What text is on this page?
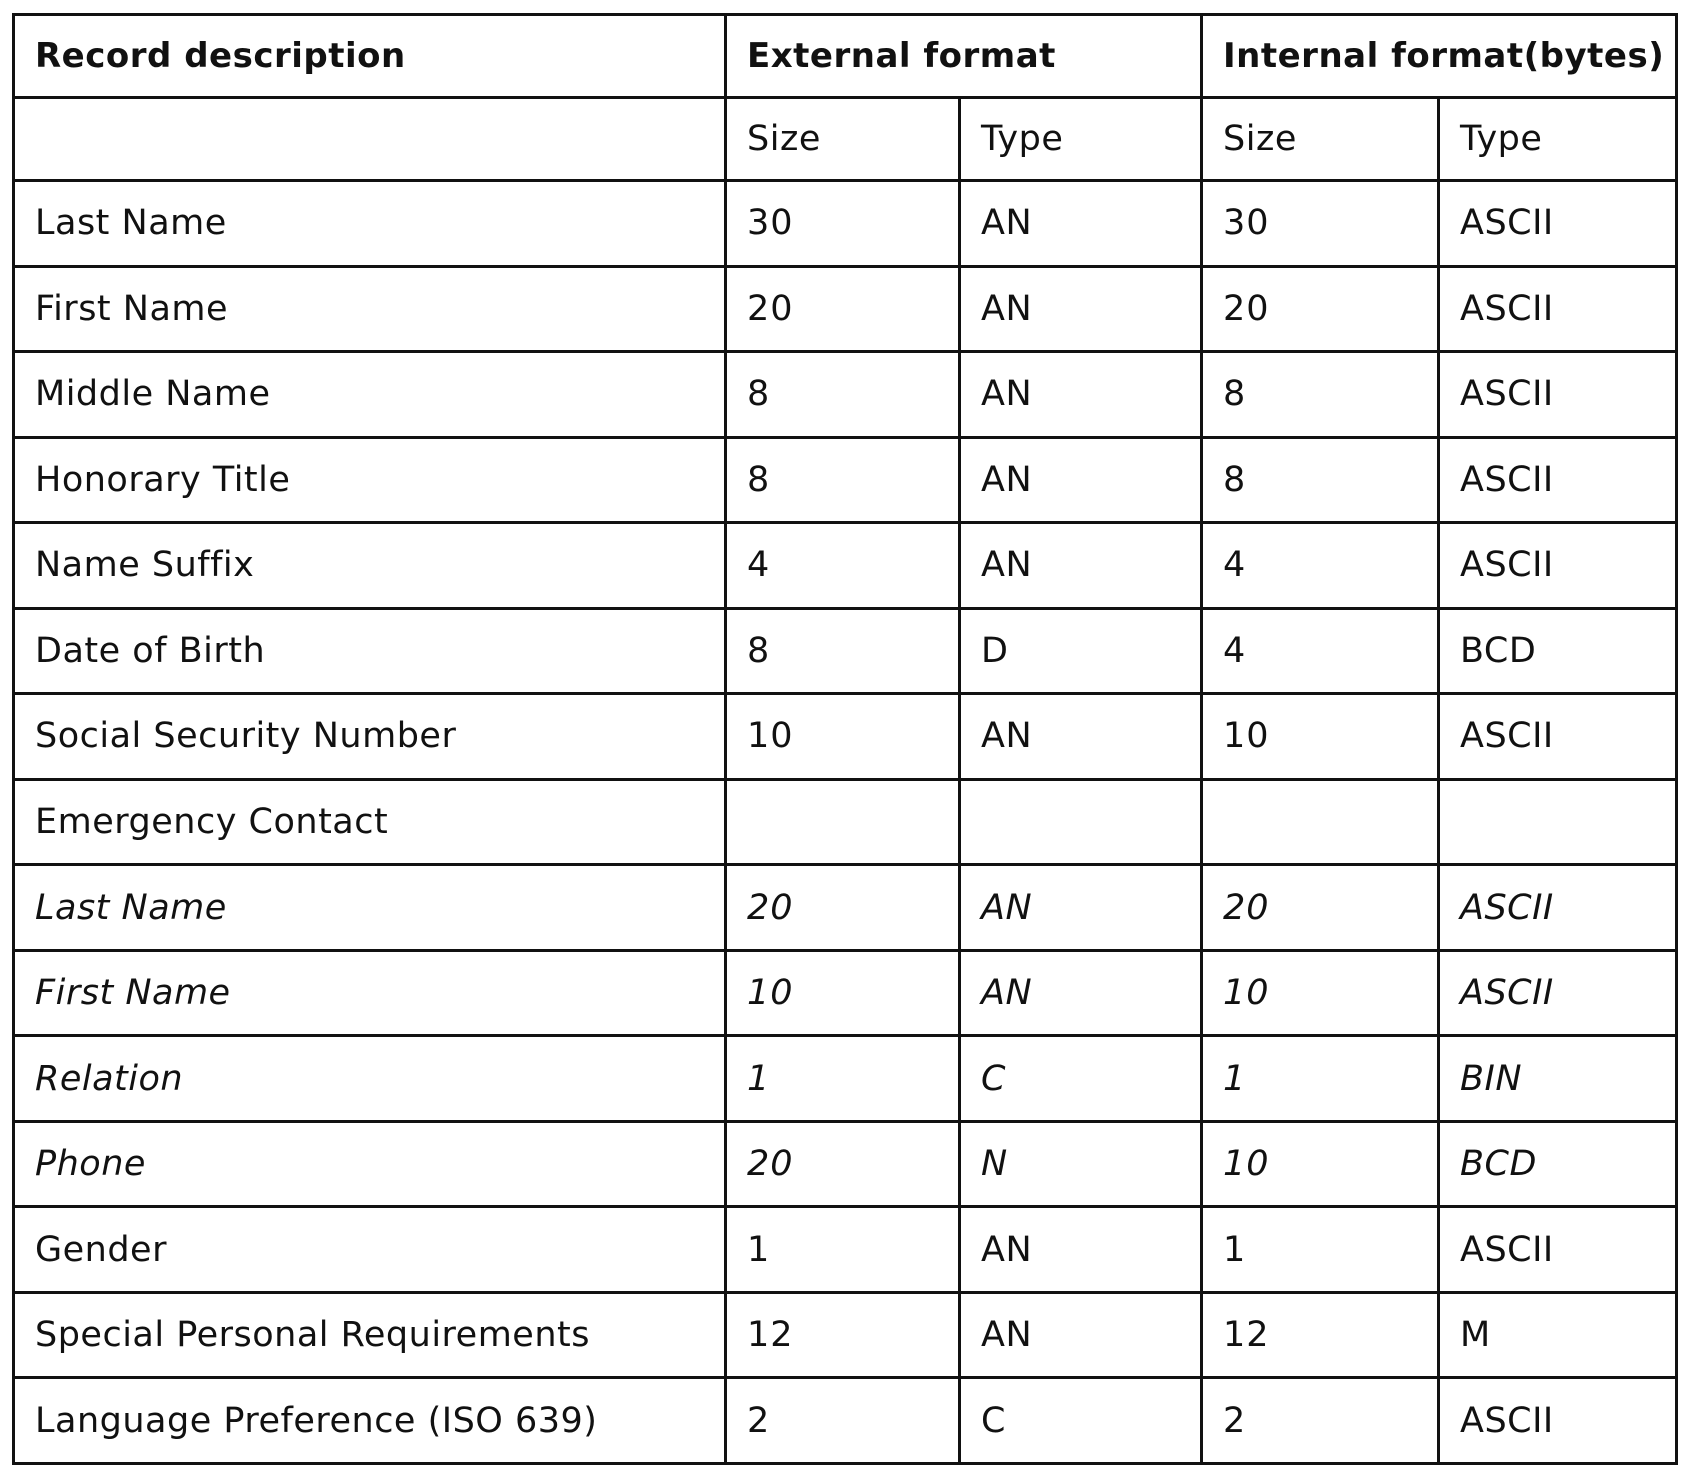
Record description	External format		Internal format(bytes)	
	Size	Type	Size	Type
Last Name	30	AN	30	ASCII
First Name	20	AN	20	ASCII
Middle Name	8	AN	8	ASCII
Honorary Title	8	AN	8	ASCII
Name Suffix	4	AN	4	ASCII
Date of Birth	8	D	4	BCD
Social Security Number	10	AN	10	ASCII
Emergency Contact				
Last Name	20	AN	20	ASCII
First Name	10	AN	10	ASCII
Relation	1	C	1	BIN
Phone	20	N	10	BCD
Gender	1	AN	1	ASCII
Special Personal Requirements	12	AN	12	M
Language Preference (ISO 639)	2	C	2	ASCII
